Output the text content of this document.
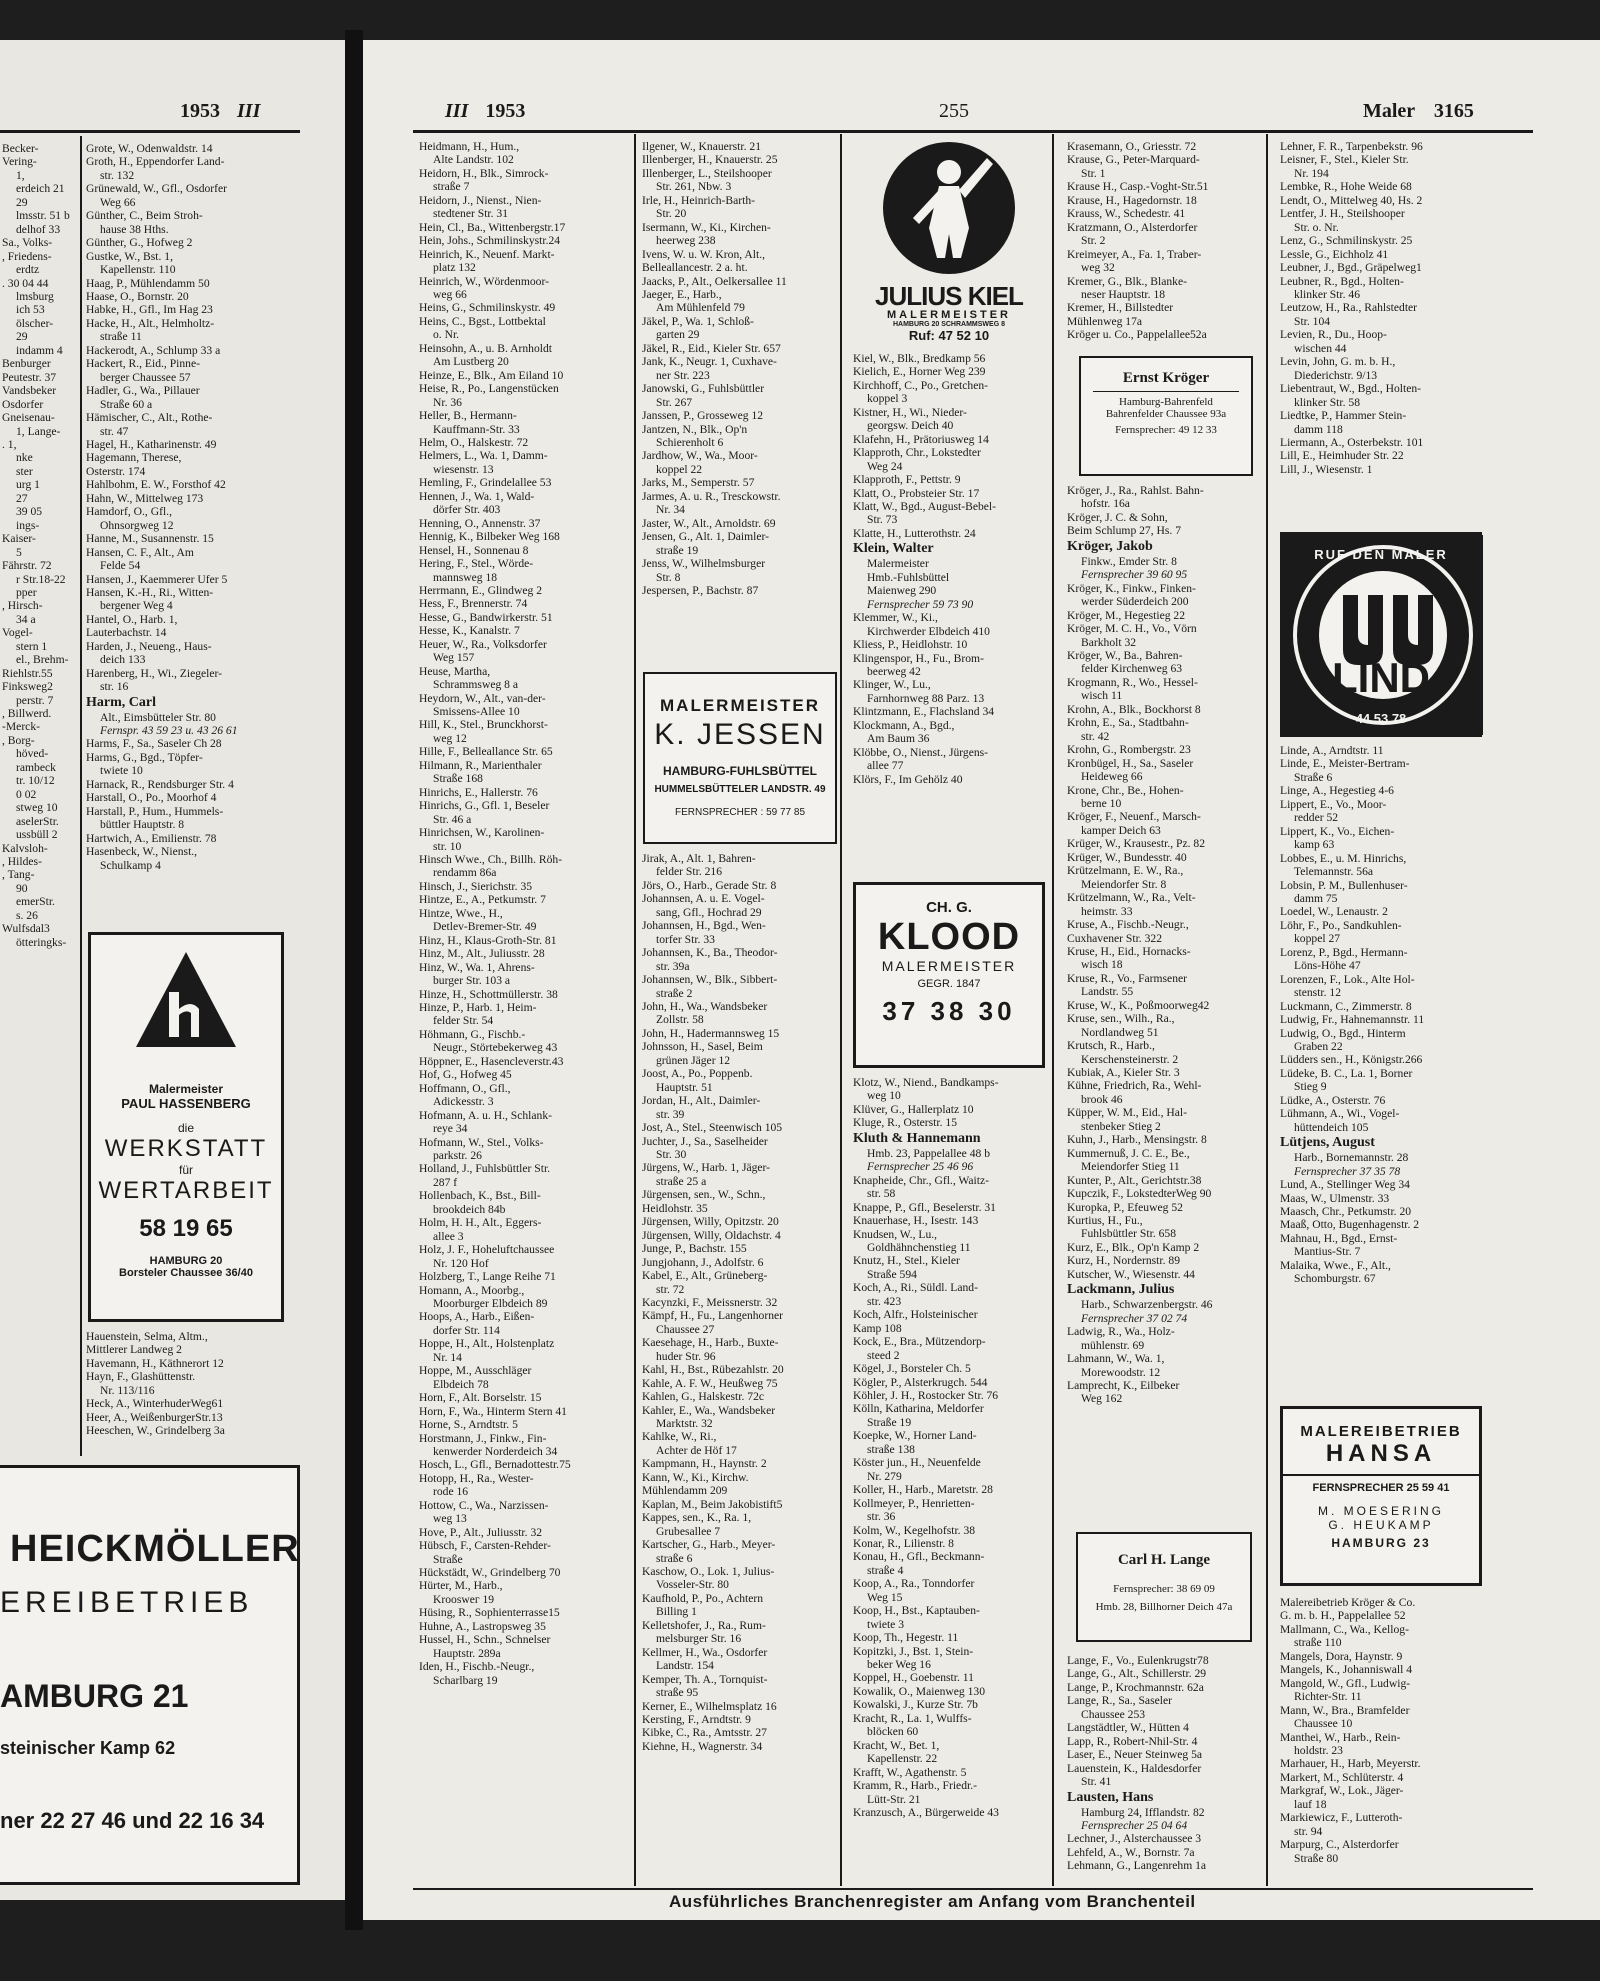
1953 III
Becker-
Vering-
1,
erdeich 21
29
lmsstr. 51 b
delhof 33
Sa., Volks-
, Friedens-
erdtz
. 30 04 44
lmsburg
ich 53
ölscher-
29
indamm 4
Benburger
Peutestr. 37
Vandsbeker
Osdorfer
Gneisenau-
1, Lange-
. 1,
nke
ster
urg 1
27
39 05
ings-
Kaiser-
5
Fährstr. 72
r Str.18-22
pper
, Hirsch-
34 a
Vogel-
stern 1
el., Brehm-
Riehlstr.55
Finksweg2
perstr. 7
, Billwerd.
-Merck-
, Borg-
höved-
rambeck
tr. 10/12
0 02
stweg 10
aselerStr.
ussbüll 2
Kalvsloh-
, Hildes-
, Tang-
90
emerStr.
s. 26
Wulfsdal3
ötteringks-
Grote, W., Odenwaldstr. 14
Groth, H., Eppendorfer Land-
str. 132
Grünewald, W., Gfl., Osdorfer
Weg 66
Günther, C., Beim Stroh-
hause 38 Hths.
Günther, G., Hofweg 2
Gustke, W., Bst. 1,
Kapellenstr. 110
Haag, P., Mühlendamm 50
Haase, O., Bornstr. 20
Habke, H., Gfl., Im Hag 23
Hacke, H., Alt., Helmholtz-
straße 11
Hackerodt, A., Schlump 33 a
Hackert, R., Eid., Pinne-
berger Chaussee 57
Hadler, G., Wa., Pillauer
Straße 60 a
Hämischer, C., Alt., Rothe-
str. 47
Hagel, H., Katharinenstr. 49
Hagemann, Therese,
Osterstr. 174
Hahlbohm, E. W., Forsthof 42
Hahn, W., Mittelweg 173
Hamdorf, O., Gfl.,
Ohnsorgweg 12
Hanne, M., Susannenstr. 15
Hansen, C. F., Alt., Am
Felde 54
Hansen, J., Kaemmerer Ufer 5
Hansen, K.-H., Ri., Witten-
bergener Weg 4
Hantel, O., Harb. 1,
Lauterbachstr. 14
Harden, J., Neueng., Haus-
deich 133
Harenberg, H., Wi., Ziegeler-
str. 16
Harm, Carl
Alt., Eimsbütteler Str. 80
Fernspr. 43 59 23 u. 43 26 61
Harms, F., Sa., Saseler Ch 28
Harms, G., Bgd., Töpfer-
twiete 10
Harnack, R., Rendsburger Str. 4
Harstall, O., Po., Moorhof 4
Harstall, P., Hum., Hummels-
büttler Hauptstr. 8
Hartwich, A., Emilienstr. 78
Hasenbeck, W., Nienst.,
Schulkamp 4
Malermeister
PAUL HASSENBERG
die
WERKSTATT
für
WERTARBEIT
58 19 65
HAMBURG 20
Borsteler Chaussee 36/40
Hauenstein, Selma, Altm.,
Mittlerer Landweg 2
Havemann, H., Käthnerort 12
Hayn, F., Glashüttenstr.
Nr. 113/116
Heck, A., WinterhuderWeg61
Heer, A., WeißenburgerStr.13
Heeschen, W., Grindelberg 3a
HEICKMÖLLER
EREIBETRIEB
AMBURG 21
steinischer Kamp 62
ner 22 27 46 und 22 16 34
III 1953	255	Maler 3165
Heidmann, H., Hum.,
Alte Landstr. 102
Heidorn, H., Blk., Simrock-
straße 7
Heidorn, J., Nienst., Nien-
stedtener Str. 31
Hein, Cl., Ba., Wittenbergstr.17
Hein, Johs., Schmilinskystr.24
Heinrich, K., Neuenf. Markt-
platz 132
Heinrich, W., Wördenmoor-
weg 66
Heins, G., Schmilinskystr. 49
Heins, C., Bgst., Lottbektal
o. Nr.
Heinsohn, A., u. B. Arnholdt
Am Lustberg 20
Heinze, E., Blk., Am Eiland 10
Heise, R., Po., Langenstücken
Nr. 36
Heller, B., Hermann-
Kauffmann-Str. 33
Helm, O., Halskestr. 72
Helmers, L., Wa. 1, Damm-
wiesenstr. 13
Hemling, F., Grindelallee 53
Hennen, J., Wa. 1, Wald-
dörfer Str. 403
Henning, O., Annenstr. 37
Hennig, K., Bilbeker Weg 168
Hensel, H., Sonnenau 8
Hering, F., Stel., Wörde-
mannsweg 18
Herrmann, E., Glindweg 2
Hess, F., Brennerstr. 74
Hesse, G., Bandwirkerstr. 51
Hesse, K., Kanalstr. 7
Heuer, W., Ra., Volksdorfer
Weg 157
Heuse, Martha,
Schrammsweg 8 a
Heydorn, W., Alt., van-der-
Smissens-Allee 10
Hill, K., Stel., Brunckhorst-
weg 12
Hille, F., Belleallance Str. 65
Hilmann, R., Marienthaler
Straße 168
Hinrichs, E., Hallerstr. 76
Hinrichs, G., Gfl. 1, Beseler
Str. 46 a
Hinrichsen, W., Karolinen-
str. 10
Hinsch Wwe., Ch., Billh. Röh-
rendamm 86a
Hinsch, J., Sierichstr. 35
Hintze, E., A., Petkumstr. 7
Hintze, Wwe., H.,
Detlev-Bremer-Str. 49
Hinz, H., Klaus-Groth-Str. 81
Hinz, M., Alt., Juliusstr. 28
Hinz, W., Wa. 1, Ahrens-
burger Str. 103 a
Hinze, H., Schottmüllerstr. 38
Hinze, P., Harb. 1, Heim-
felder Str. 54
Höhmann, G., Fischb.-
Neugr., Störtebekerweg 43
Höppner, E., Hasencleverstr.43
Hof, G., Hofweg 45
Hoffmann, O., Gfl.,
Adickesstr. 3
Hofmann, A. u. H., Schlank-
reye 34
Hofmann, W., Stel., Volks-
parkstr. 26
Holland, J., Fuhlsbüttler Str.
287 f
Hollenbach, K., Bst., Bill-
brookdeich 84b
Holm, H. H., Alt., Eggers-
allee 3
Holz, J. F., Hoheluftchaussee
Nr. 120 Hof
Holzberg, T., Lange Reihe 71
Homann, A., Moorbg.,
Moorburger Elbdeich 89
Hoops, A., Harb., Eißen-
dorfer Str. 114
Hoppe, H., Alt., Holstenplatz
Nr. 14
Hoppe, M., Ausschläger
Elbdeich 78
Horn, F., Alt. Borselstr. 15
Horn, F., Wa., Hinterm Stern 41
Horne, S., Arndtstr. 5
Horstmann, J., Finkw., Fin-
kenwerder Norderdeich 34
Hosch, L., Gfl., Bernadottestr.75
Hotopp, H., Ra., Wester-
rode 16
Hottow, C., Wa., Narzissen-
weg 13
Hove, P., Alt., Juliusstr. 32
Hübsch, F., Carsten-Rehder-
Straße
Hückstädt, W., Grindelberg 70
Hürter, M., Harb.,
Krooswег 19
Hüsing, R., Sophienterrasse15
Huhne, A., Lastropsweg 35
Hussel, H., Schn., Schnelser
Hauptstr. 289a
Iden, H., Fischb.-Neugr.,
Scharlbarg 19
Ilgener, W., Knauerstr. 21
Illenberger, H., Knauerstr. 25
Illenberger, L., Steilshooper
Str. 261, Nbw. 3
Irle, H., Heinrich-Barth-
Str. 20
Isermann, W., Ki., Kirchen-
heerweg 238
Ivens, W. u. W. Kron, Alt.,
Belleallancestr. 2 a. ht.
Jaacks, P., Alt., Oelkersallee 11
Jaeger, E., Harb.,
Am Mühlenfeld 79
Jäkel, P., Wa. 1, Schloß-
garten 29
Jäkel, R., Eid., Kieler Str. 657
Jank, K., Neugr. 1, Cuxhave-
ner Str. 223
Janowski, G., Fuhlsbüttler
Str. 267
Janssen, P., Grosseweg 12
Jantzen, N., Blk., Op'n
Schierenholt 6
Jardhow, W., Wa., Moor-
koppel 22
Jarks, M., Semperstr. 57
Jarmes, A. u. R., Tresckowstr.
Nr. 34
Jaster, W., Alt., Arnoldstr. 69
Jensen, G., Alt. 1, Daimler-
straße 19
Jenss, W., Wilhelmsburger
Str. 8
Jespersen, P., Bachstr. 87
MALERMEISTER
K. JESSEN
HAMBURG-FUHLSBÜTTEL
HUMMELSBÜTTELER LANDSTR. 49
FERNSPRECHER : 59 77 85
Jirak, A., Alt. 1, Bahren-
felder Str. 216
Jörs, O., Harb., Gerade Str. 8
Johannsen, A. u. E. Vogel-
sang, Gfl., Hochrad 29
Johannsen, H., Bgd., Wen-
torfer Str. 33
Johannsen, K., Ba., Theodor-
str. 39a
Johannsen, W., Blk., Sibbert-
straße 2
John, H., Wa., Wandsbeker
Zollstr. 58
John, H., Hadermannsweg 15
Johnsson, H., Sasel, Beim
grünen Jäger 12
Joost, A., Po., Poppenb.
Hauptstr. 51
Jordan, H., Alt., Daimler-
str. 39
Jost, A., Stel., Steenwisch 105
Juchter, J., Sa., Saselheider
Str. 30
Jürgens, W., Harb. 1, Jäger-
straße 25 a
Jürgensen, sen., W., Schn.,
Heidlohstr. 35
Jürgensen, Willy, Opitzstr. 20
Jürgensen, Willy, Oldachstr. 4
Junge, P., Bachstr. 155
Jungjohann, J., Adolfstr. 6
Kabel, E., Alt., Grüneberg-
str. 72
Kacynzki, F., Meissnerstr. 32
Kämpf, H., Fu., Langenhorner
Chaussee 27
Kaesehage, H., Harb., Buxte-
huder Str. 96
Kahl, H., Bst., Rübezahlstr. 20
Kahle, A. F. W., Heußweg 75
Kahlen, G., Halskestr. 72c
Kahler, E., Wa., Wandsbeker
Marktstr. 32
Kahlke, W., Ri.,
Achter de Höf 17
Kampmann, H., Haynstr. 2
Kann, W., Ki., Kirchw.
Mühlendamm 209
Kaplan, M., Beim Jakobistift5
Kappes, sen., K., Ra. 1,
Grubesallee 7
Kartscher, G., Harb., Meyer-
straße 6
Kaschow, O., Lok. 1, Julius-
Vosseler-Str. 80
Kaufhold, P., Po., Achtern
Billing 1
Kelletshofer, J., Ra., Rum-
melsburger Str. 16
Kellmer, H., Wa., Osdorfer
Landstr. 154
Kemper, Th. A., Tornquist-
straße 95
Kerner, E., Wilhelmsplatz 16
Kersting, F., Arndtstr. 9
Kibke, C., Ra., Amtsstr. 27
Kiehne, H., Wagnerstr. 34
JULIUS KIEL
MALERMEISTER
HAMBURG 20 SCHRAMMSWEG 8
Ruf: 47 52 10
Kiel, W., Blk., Bredkamp 56
Kielich, E., Horner Weg 239
Kirchhoff, C., Po., Gretchen-
koppel 3
Kistner, H., Wi., Nieder-
georgsw. Deich 40
Klafehn, H., Prätoriusweg 14
Klapproth, Chr., Lokstedter
Weg 24
Klapproth, F., Pettstr. 9
Klatt, O., Probsteier Str. 17
Klatt, W., Bgd., August-Bebel-
Str. 73
Klatte, H., Lutterothstr. 24
Klein, Walter
Malermeister
Hmb.-Fuhlsbüttel
Maienweg 290
Fernsprecher 59 73 90
Klemmer, W., Ki.,
Kirchwerder Elbdeich 410
Kliess, P., Heidlohstr. 10
Klingenspor, H., Fu., Brom-
beerweg 42
Klinger, W., Lu.,
Farnhornweg 88 Parz. 13
Klintzmann, E., Flachsland 34
Klockmann, A., Bgd.,
Am Baum 36
Klöbbe, O., Nienst., Jürgens-
allee 77
Klörs, F., Im Gehölz 40
CH. G.
KLOOD
MALERMEISTER
GEGR. 1847
37 38 30
Klotz, W., Niend., Bandkamps-
weg 10
Klüver, G., Hallerplatz 10
Kluge, R., Osterstr. 15
Kluth & Hannemann
Hmb. 23, Pappelallee 48 b
Fernsprecher 25 46 96
Knapheide, Chr., Gfl., Waitz-
str. 58
Knappe, P., Gfl., Beselerstr. 31
Knauerhase, H., Isestr. 143
Knudsen, W., Lu.,
Goldhähnchenstieg 11
Knutz, H., Stel., Kieler
Straße 594
Koch, A., Ri., Süldl. Land-
str. 423
Koch, Alfr., Holsteinischer
Kamp 108
Kock, E., Bra., Mützendorp-
steed 2
Kögel, J., Borsteler Ch. 5
Kögler, P., Alsterkrugch. 544
Köhler, J. H., Rostocker Str. 76
Kölln, Katharina, Meldorfer
Straße 19
Koepke, W., Horner Land-
straße 138
Köster jun., H., Neuenfelde
Nr. 279
Koller, H., Harb., Maretstr. 28
Kollmeyer, P., Henrietten-
str. 36
Kolm, W., Kegelhofstr. 38
Konar, R., Lilienstr. 8
Konau, H., Gfl., Beckmann-
straße 4
Koop, A., Ra., Tonndorfer
Weg 15
Koop, H., Bst., Kaptauben-
twiete 3
Koop, Th., Hegestr. 11
Kopitzki, J., Bst. 1, Stein-
beker Weg 16
Koppel, H., Goebenstr. 11
Kowalik, O., Maienweg 130
Kowalski, J., Kurze Str. 7b
Kracht, R., La. 1, Wulffs-
blöcken 60
Kracht, W., Bet. 1,
Kapellenstr. 22
Krafft, W., Agathenstr. 5
Kramm, R., Harb., Friedr.-
Lütt-Str. 21
Kranzusch, A., Bürgerweide 43
Krasemann, O., Griesstr. 72
Krause, G., Peter-Marquard-
Str. 1
Krause H., Casp.-Voght-Str.51
Krause, H., Hagedornstr. 18
Krauss, W., Schedestr. 41
Kratzmann, O., Alsterdorfer
Str. 2
Kreimeyer, A., Fa. 1, Traber-
weg 32
Kremer, G., Blk., Blanke-
neser Hauptstr. 18
Kremer, H., Billstedter
Mühlenweg 17a
Kröger u. Co., Pappelallee52a
Ernst Kröger
Hamburg-Bahrenfeld
Bahrenfelder Chaussee 93a
Fernsprecher: 49 12 33
Kröger, J., Ra., Rahlst. Bahn-
hofstr. 16a
Kröger, J. C. & Sohn,
Beim Schlump 27, Hs. 7
Kröger, Jakob
Finkw., Emder Str. 8
Fernsprecher 39 60 95
Kröger, K., Finkw., Finken-
werder Süderdeich 200
Kröger, M., Hegestieg 22
Kröger, M. C. H., Vo., Vörn
Barkholt 32
Kröger, W., Ba., Bahren-
felder Kirchenweg 63
Krogmann, R., Wo., Hessel-
wisch 11
Krohn, A., Blk., Bockhorst 8
Krohn, E., Sa., Stadtbahn-
str. 42
Krohn, G., Rombergstr. 23
Kronbügel, H., Sa., Saseler
Heideweg 66
Krone, Chr., Be., Hohen-
berne 10
Kröger, F., Neuenf., Marsch-
kamper Deich 63
Krüger, W., Krausestr., Pz. 82
Krüger, W., Bundesstr. 40
Krützelmann, E. W., Ra.,
Meiendorfer Str. 8
Krützelmann, W., Ra., Velt-
heimstr. 33
Kruse, A., Fischb.-Neugr.,
Cuxhavener Str. 322
Kruse, H., Eid., Hornacks-
wisch 18
Kruse, R., Vo., Farmsener
Landstr. 55
Kruse, W., K., Poßmoorweg42
Kruse, sen., Wilh., Ra.,
Nordlandweg 51
Krutsch, R., Harb.,
Kerschensteinerstr. 2
Kubiak, A., Kieler Str. 3
Kühne, Friedrich, Ra., Wehl-
brook 46
Küpper, W. M., Eid., Hal-
stenbeker Stieg 2
Kuhn, J., Harb., Mensingstr. 8
Kummernuß, J. C. E., Be.,
Meiendorfer Stieg 11
Kunter, P., Alt., Gerichtstr.38
Kupczik, F., LokstedterWeg 90
Kuropka, P., Efeuweg 52
Kurtius, H., Fu.,
Fuhlsbüttler Str. 658
Kurz, E., Blk., Op'n Kamp 2
Kurz, H., Nordernstr. 89
Kutscher, W., Wiesenstr. 44
Lackmann, Julius
Harb., Schwarzenbergstr. 46
Fernsprecher 37 02 74
Ladwig, R., Wa., Holz-
mühlenstr. 69
Lahmann, W., Wa. 1,
Morewoodstr. 12
Lamprecht, K., Eilbeker
Weg 162
Carl H. Lange
Fernsprecher: 38 69 09
Hmb. 28, Billhorner Deich 47a
Lange, F., Vo., Eulenkrugstr78
Lange, G., Alt., Schillerstr. 29
Lange, P., Krochmannstr. 62a
Lange, R., Sa., Saseler
Chaussee 253
Langstädtler, W., Hütten 4
Lapp, R., Robert-Nhil-Str. 4
Laser, E., Neuer Steinweg 5a
Lauenstein, K., Haldesdorfer
Str. 41
Lausten, Hans
Hamburg 24, Ifflandstr. 82
Fernsprecher 25 04 64
Lechner, J., Alsterchaussee 3
Lehfeld, A., W., Bornstr. 7a
Lehmann, G., Langenrehm 1a
Lehner, F. R., Tarpenbekstr. 96
Leisner, F., Stel., Kieler Str.
Nr. 194
Lembke, R., Hohe Weide 68
Lendt, O., Mittelweg 40, Hs. 2
Lentfer, J. H., Steilshooper
Str. o. Nr.
Lenz, G., Schmilinskystr. 25
Lessle, G., Eichholz 41
Leubner, J., Bgd., Gräpelweg1
Leubner, R., Bgd., Holten-
klinker Str. 46
Leutzow, H., Ra., Rahlstedter
Str. 104
Levien, R., Du., Hoop-
wischen 44
Levin, John, G. m. b. H.,
Diederichstr. 9/13
Liebentraut, W., Bgd., Holten-
klinker Str. 58
Liedtke, P., Hammer Stein-
damm 118
Liermann, A., Osterbekstr. 101
Lill, E., Heimhuder Str. 22
Lill, J., Wiesenstr. 1
RUF DEN MALER
LIND
44 53 78
Linde, A., Arndtstr. 11
Linde, E., Meister-Bertram-
Straße 6
Linge, A., Hegestieg 4-6
Lippert, E., Vo., Moor-
redder 52
Lippert, K., Vo., Eichen-
kamp 63
Lobbes, E., u. M. Hinrichs,
Telemannstr. 56a
Lobsin, P. M., Bullenhuser-
damm 75
Loedel, W., Lenaustr. 2
Löhr, F., Po., Sandkuhlen-
koppel 27
Lorenz, P., Bgd., Hermann-
Löns-Höhe 47
Lorenzen, F., Lok., Alte Hol-
stenstr. 12
Luckmann, C., Zimmerstr. 8
Ludwig, Fr., Hahnemannstr. 11
Ludwig, O., Bgd., Hinterm
Graben 22
Lüdders sen., H., Königstr.266
Lüdeke, B. C., La. 1, Borner
Stieg 9
Lüdke, A., Osterstr. 76
Lühmann, A., Wi., Vogel-
hüttendeich 105
Lütjens, August
Harb., Bornemannstr. 28
Fernsprecher 37 35 78
Lund, A., Stellinger Weg 34
Maas, W., Ulmenstr. 33
Maasch, Chr., Petkumstr. 20
Maaß, Otto, Bugenhagenstr. 2
Mahnau, H., Bgd., Ernst-
Mantius-Str. 7
Malaika, Wwe., F., Alt.,
Schomburgstr. 67
MALEREIBETRIEB
HANSA
FERNSPRECHER 25 59 41
M. MOESERING
G. HEUKAMP
HAMBURG 23
Malereibetrieb Kröger & Co.
G. m. b. H., Pappelallee 52
Mallmann, C., Wa., Kellog-
straße 110
Mangels, Dora, Haynstr. 9
Mangels, K., Johanniswall 4
Mangold, W., Gfl., Ludwig-
Richter-Str. 11
Mann, W., Bra., Bramfelder
Chaussee 10
Manthei, W., Harb., Rein-
holdstr. 23
Marhauer, H., Harb, Meyerstr.
Markert, M., Schlüterstr. 4
Markgraf, W., Lok., Jäger-
lauf 18
Markiewicz, F., Lutteroth-
str. 94
Marpurg, C., Alsterdorfer
Straße 80
Ausführliches Branchenregister am Anfang vom Branchenteil
